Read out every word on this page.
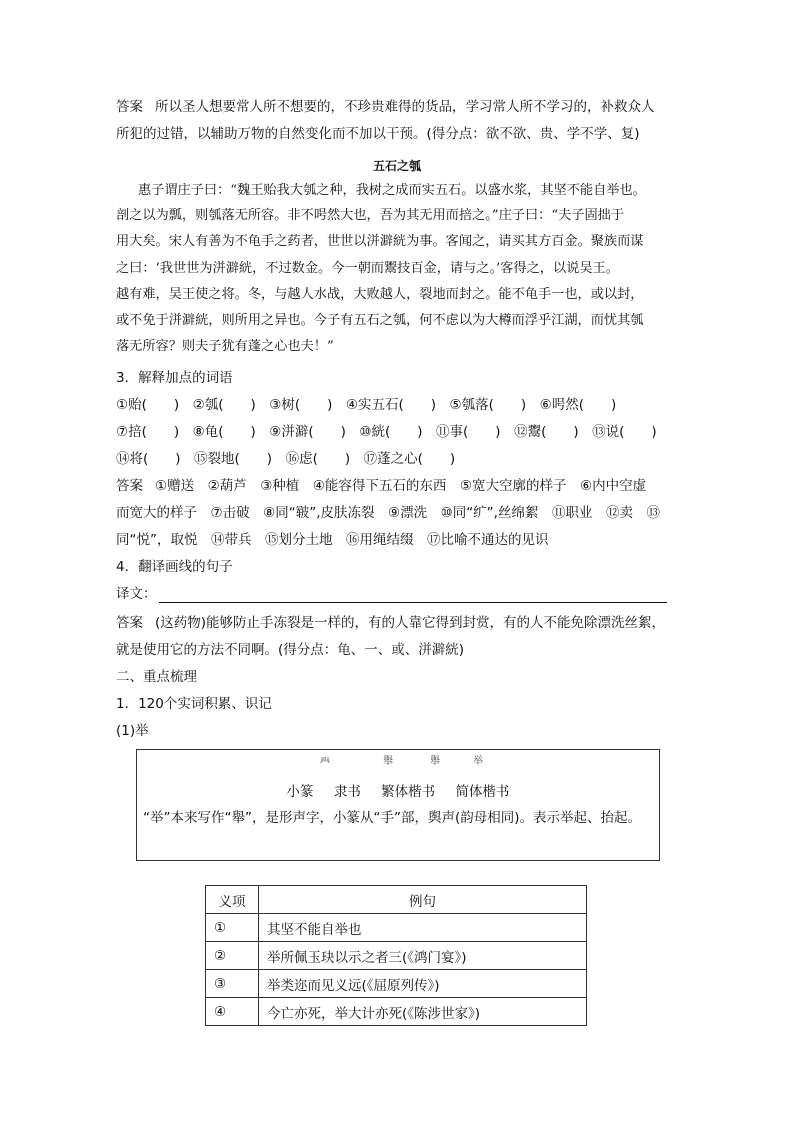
答案 所以圣人想要常人所不想要的，不珍贵难得的货品，学习常人所不学习的，补救众人
所犯的过错，以辅助万物的自然变化而不加以干预。(得分点：欲不欲、贵、学不学、复)
五石之瓠
惠子谓庄子曰：“魏王贻我大瓠之种，我树之成而实五石。以盛水浆，其坚不能自举也。
剖之以为瓢，则瓠落无所容。非不呺然大也，吾为其无用而掊之。”庄子曰：“夫子固拙于
用大矣。宋人有善为不龟手之药者，世世以洴澼絖为事。客闻之，请买其方百金。聚族而谋
之曰：‘我世世为洴澼絖，不过数金。今一朝而鬻技百金，请与之。’客得之，以说吴王。
越有难，吴王使之将。冬，与越人水战，大败越人，裂地而封之。能不龟手一也，或以封，
或不免于洴澼絖，则所用之异也。今子有五石之瓠，何不虑以为大樽而浮乎江湖，而忧其瓠
落无所容？则夫子犹有蓬之心也夫！”
3．解释加点的词语
①贻(　　)　②瓠(　　)　③树(　　)　④实五石(　　)　⑤瓠落(　　)　⑥呺然(　　)
⑦掊(　　)　⑧龟(　　)　⑨洴澼(　　)　⑩絖(　　)　⑪事(　　)　⑫鬻(　　)　⑬说(　　)
⑭将(　　)　⑮裂地(　　)　⑯虑(　　)　⑰蓬之心(　　)
答案 ①赠送　②葫芦　③种植　④能容得下五石的东西　⑤宽大空廓的样子　⑥内中空虚
而宽大的样子　⑦击破　⑧同“皲”,皮肤冻裂　⑨漂洗　⑩同“纩”,丝绵絮　⑪职业　⑫卖　⑬
同“悦”，取悦　⑭带兵　⑮划分土地　⑯用绳结缀　⑰比喻不通达的见识
4．翻译画线的句子
译文：
答案 (这药物)能够防止手冻裂是一样的，有的人靠它得到封赏，有的人不能免除漂洗丝絮，
就是使用它的方法不同啊。(得分点：龟、一、或、洴澼絖)
二、重点梳理
1．120个实词积累、识记
(1)举
𦥯	舉	舉	举
小篆 隶书 繁体楷书 简体楷书
“举”本来写作“舉”，是形声字，小篆从“手”部，舆声(韵母相同)。表示举起、抬起。
义项	例句
①	其坚不能自举也
②	举所佩玉玦以示之者三(《鸿门宴》)
③	举类迩而见义远(《屈原列传》)
④	今亡亦死，举大计亦死(《陈涉世家》)
